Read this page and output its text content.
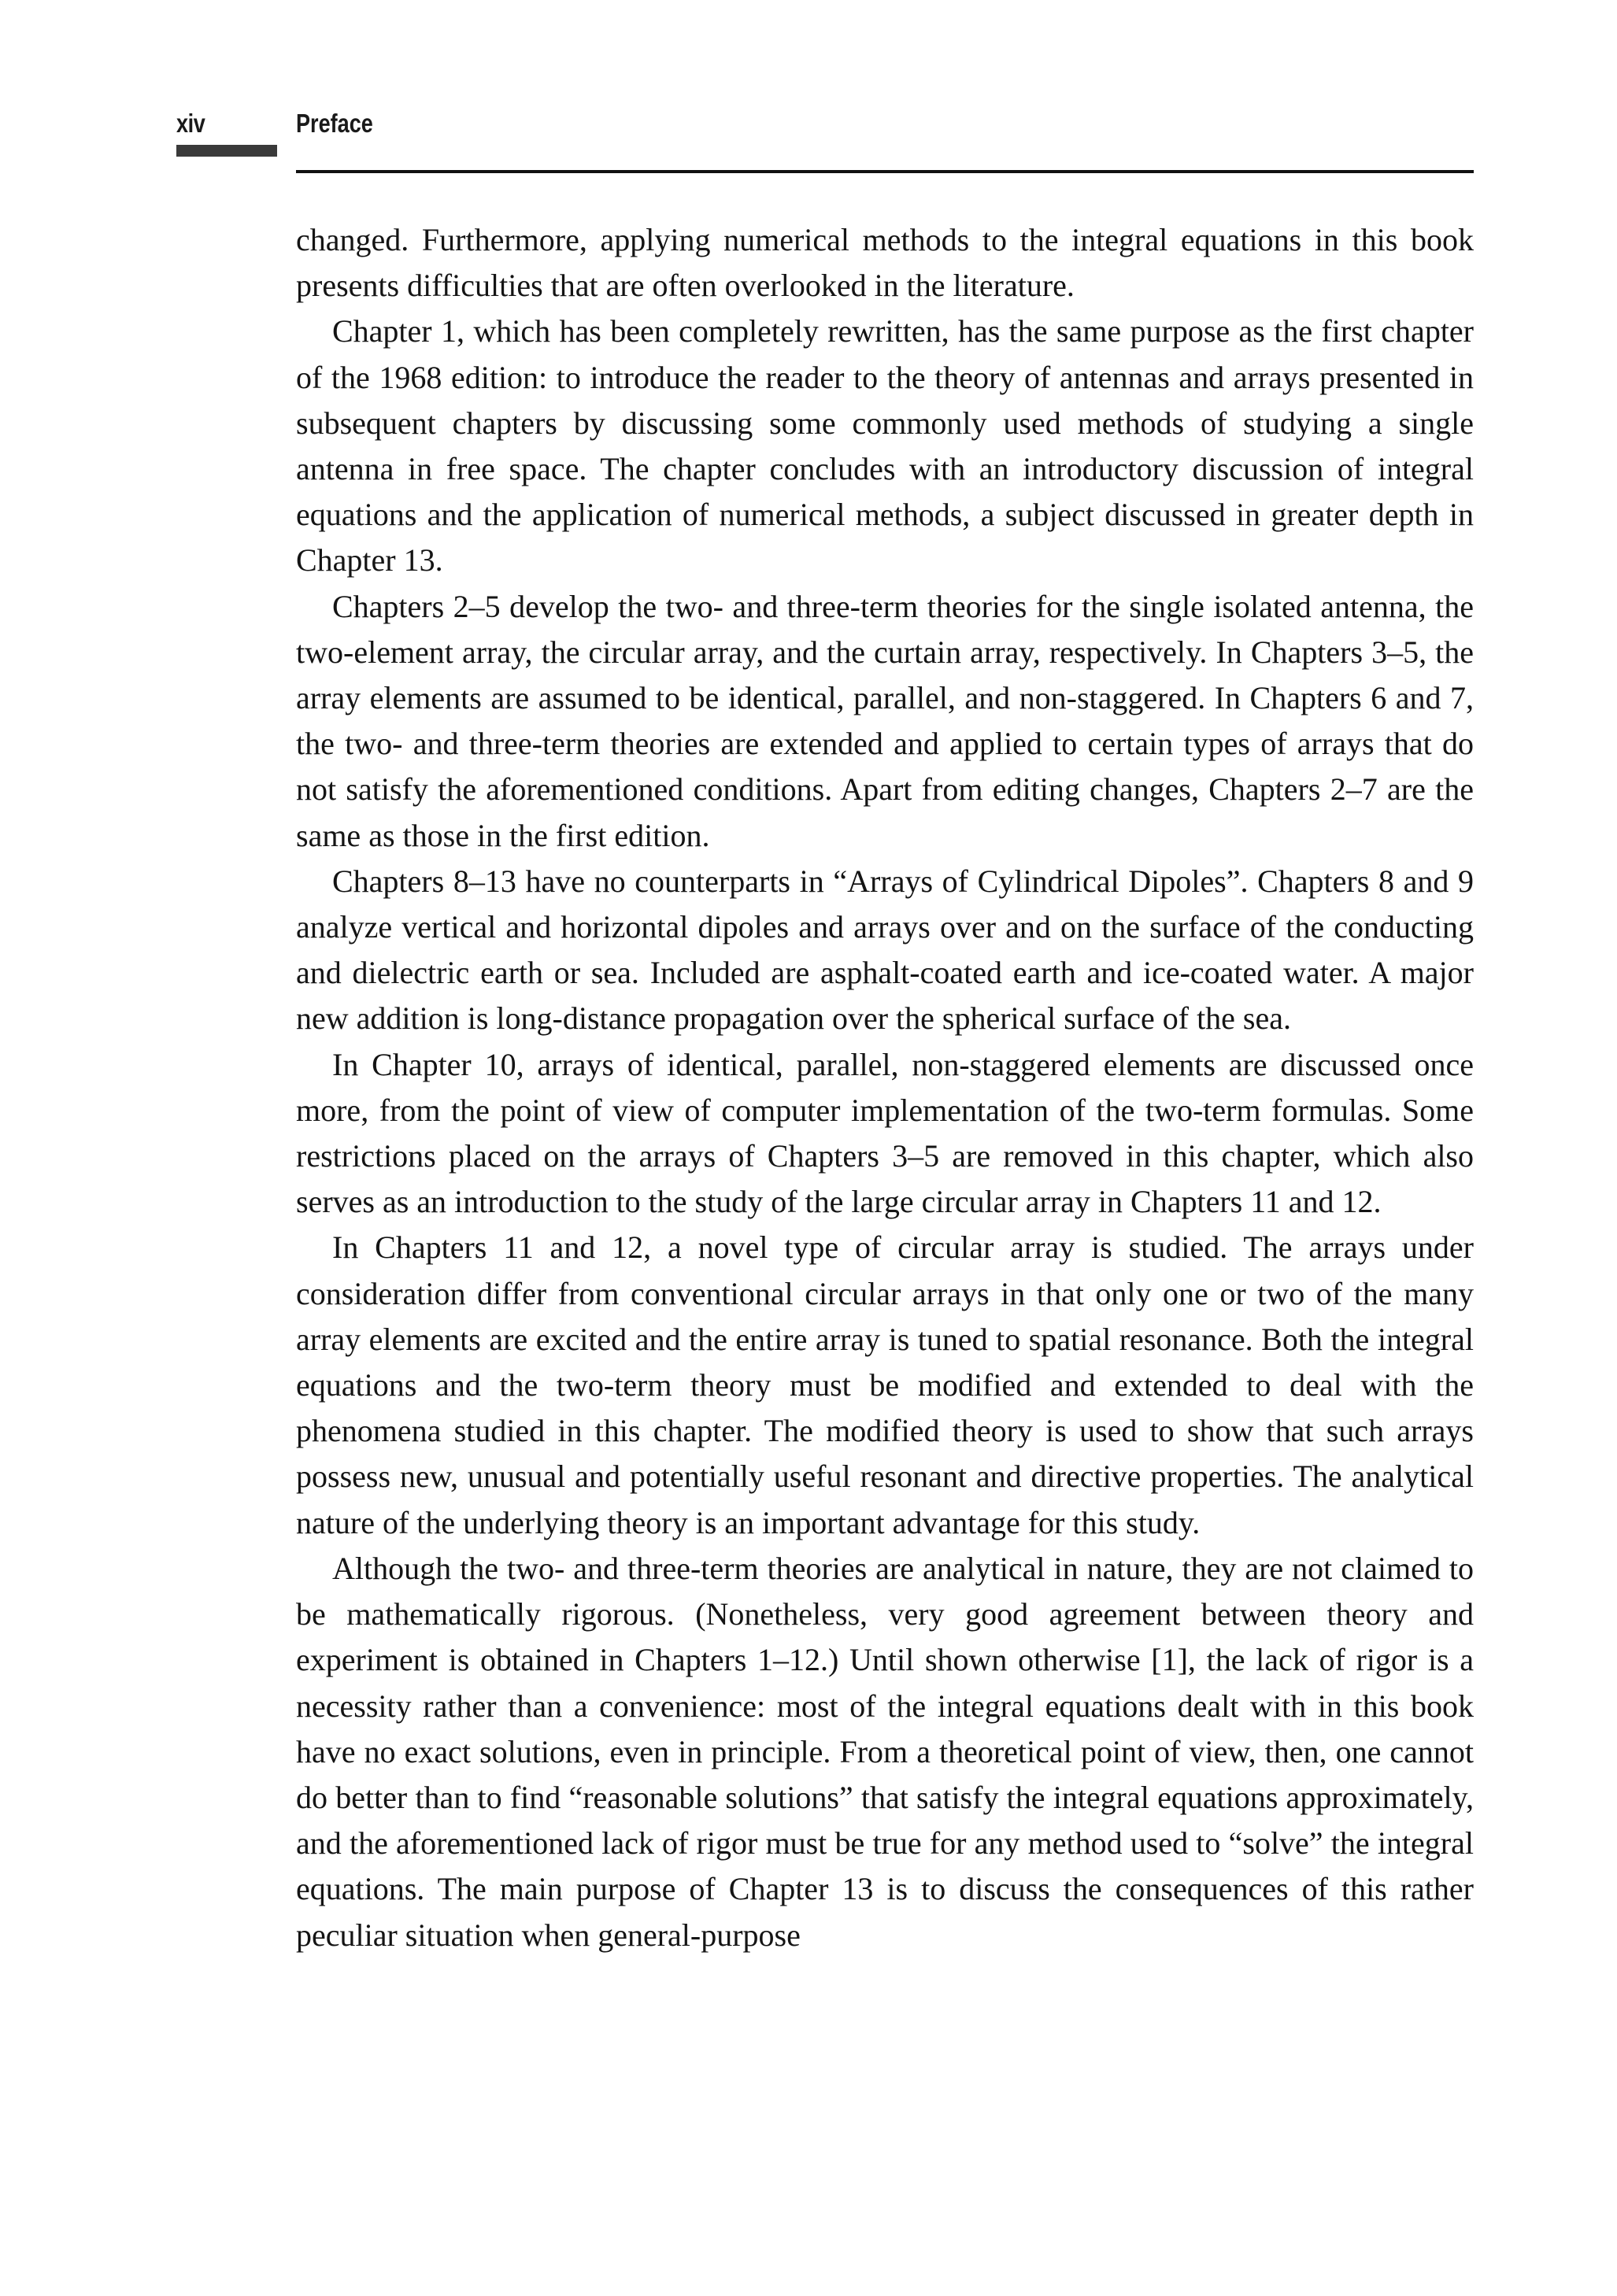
xiv	Preface

changed. Furthermore, applying numerical methods to the integral equations in this book presents difficulties that are often overlooked in the literature.

Chapter 1, which has been completely rewritten, has the same purpose as the first chapter of the 1968 edition: to introduce the reader to the theory of antennas and arrays presented in subsequent chapters by discussing some commonly used methods of studying a single antenna in free space. The chapter concludes with an introductory discussion of integral equations and the application of numerical methods, a subject discussed in greater depth in Chapter 13.

Chapters 2–5 develop the two- and three-term theories for the single isolated antenna, the two-element array, the circular array, and the curtain array, respectively. In Chapters 3–5, the array elements are assumed to be identical, parallel, and non-staggered. In Chapters 6 and 7, the two- and three-term theories are extended and applied to certain types of arrays that do not satisfy the aforementioned conditions. Apart from editing changes, Chapters 2–7 are the same as those in the first edition.

Chapters 8–13 have no counterparts in “Arrays of Cylindrical Dipoles”. Chapters 8 and 9 analyze vertical and horizontal dipoles and arrays over and on the surface of the conducting and dielectric earth or sea. Included are asphalt-coated earth and ice-coated water. A major new addition is long-distance propagation over the spherical surface of the sea.

In Chapter 10, arrays of identical, parallel, non-staggered elements are discussed once more, from the point of view of computer implementation of the two-term formulas. Some restrictions placed on the arrays of Chapters 3–5 are removed in this chapter, which also serves as an introduction to the study of the large circular array in Chapters 11 and 12.

In Chapters 11 and 12, a novel type of circular array is studied. The arrays under consideration differ from conventional circular arrays in that only one or two of the many array elements are excited and the entire array is tuned to spatial resonance. Both the integral equations and the two-term theory must be modified and extended to deal with the phenomena studied in this chapter. The modified theory is used to show that such arrays possess new, unusual and potentially useful resonant and directive properties. The analytical nature of the underlying theory is an important advantage for this study.

Although the two- and three-term theories are analytical in nature, they are not claimed to be mathematically rigorous. (Nonetheless, very good agreement between theory and experiment is obtained in Chapters 1–12.) Until shown otherwise [1], the lack of rigor is a necessity rather than a convenience: most of the integral equations dealt with in this book have no exact solutions, even in principle. From a theoretical point of view, then, one cannot do better than to find “reasonable solutions” that satisfy the integral equations approximately, and the aforementioned lack of rigor must be true for any method used to “solve” the integral equations. The main purpose of Chapter 13 is to discuss the consequences of this rather peculiar situation when general-purpose
